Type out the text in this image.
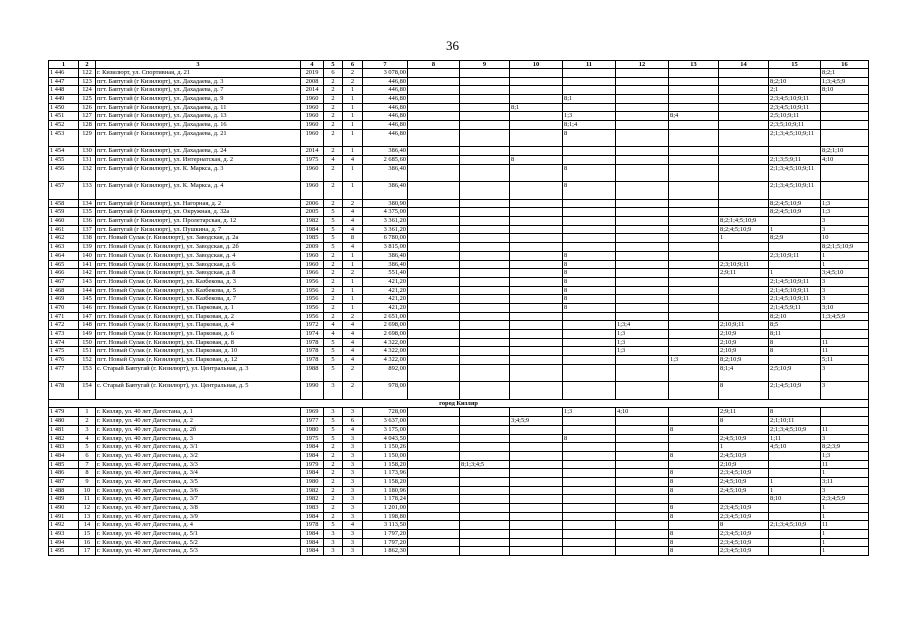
36
1	2	3	4	5	6	7	8	9	10	11	12	13	14	15	16
1 446	122	г. Кизилюрт, ул. Спортивная, д. 21	2019	6	2	3 078,00									8;2;1
1 447	123	пгт. Бавтугай (г Кизилюрт), ул. Дахадаева, д. 3	2008	2	2	446,80								8;2;10	1;3;4;5;9
1 448	124	пгт. Бавтугай (г Кизилюрт), ул. Дахадаева, д. 7	2014	2	1	446,80								2;1	8;10
1 449	125	пгт. Бавтугай (г Кизилюрт), ул. Дахадаева, д. 9	1960	2	1	446,80				8;1				2;3;4;5;10;9;11	
1 450	126	пгт. Бавтугай (г Кизилюрт), ул. Дахадаева, д. 11	1960	2	1	446,80			8;1					2;3;4;5;10;9;11	
1 451	127	пгт. Бавтугай (г Кизилюрт), ул. Дахадаева, д. 13	1960	2	1	446,80				1;3		8;4		2;5;10;9;11	
1 452	128	пгт. Бавтугай (г Кизилюрт), ул. Дахадаева, д. 16	1960	2	1	446,80				8;1;4				2;3;5;10;9;11	
1 453	129	пгт. Бавтугай (г Кизилюрт), ул. Дахадаева, д. 21	1960	2	1	446,80				8				2;1;3;4;5;10;9;11	
1 454	130	пгт. Бавтугай (г Кизилюрт), ул. Дахадаева, д. 24	2014	2	1	386,40									8;2;1;10
1 455	131	пгт. Бавтугай (г Кизилюрт), ул. Интернатская, д. 2	1975	4	4	2 685,60			8					2;1;3;5;9;11	4;10
1 456	132	пгт. Бавтугай (г Кизилюрт), ул. К. Маркса, д. 3	1960	2	1	386,40				8				2;1;3;4;5;10;9;11	
1 457	133	пгт. Бавтугай (г Кизилюрт), ул. К. Маркса, д. 4	1960	2	1	386,40				8				2;1;3;4;5;10;9;11	
1 458	134	пгт. Бавтугай (г Кизилюрт), ул. Нагорная, д. 2	2006	2	2	380,90								8;2;4;5;10;9	1;3
1 459	135	пгт. Бавтугай (г Кизилюрт), ул. Окружная, д. 32а	2005	5	4	4 375,00								8;2;4;5;10;9	1;3
1 460	136	пгт. Бавтугай (г Кизилюрт), ул. Пролетарская, д. 12	1982	5	4	3 361,20							8;2;1;4;5;10;9		3
1 461	137	пгт. Бавтугай (г Кизилюрт), ул. Пушкина, д. 7	1984	5	4	3 361,20							8;2;4;5;10;9	1	3
1 462	138	пгт. Новый Сулак (г. Кизилюрт), ул. Заводская, д. 2а	1985	5	8	6 780,00							1	8;2;9	10
1 463	139	пгт. Новый Сулак (г. Кизилюрт), ул. Заводская, д. 2б	2009	5	4	3 815,00									8;2;1;5;10;9
1 464	140	пгт. Новый Сулак (г. Кизилюрт), ул. Заводская, д. 4	1960	2	1	386,40				8				2;3;10;9;11	1
1 465	141	пгт. Новый Сулак (г. Кизилюрт), ул. Заводская, д. 6	1960	2	1	386,40				8			2;3;10;9;11		1
1 466	142	пгт. Новый Сулак (г. Кизилюрт), ул. Заводская, д. 8	1966	2	2	551,40				8			2;9;11	1	3;4;5;10
1 467	143	пгт. Новый Сулак (г. Кизилюрт), ул. Казбекова, д. 3	1956	2	1	421,20				8				2;1;4;5;10;9;11	3
1 468	144	пгт. Новый Сулак (г. Кизилюрт), ул. Казбекова, д. 5	1956	2	1	421,20				8				2;1;4;5;10;9;11	3
1 469	145	пгт. Новый Сулак (г. Кизилюрт), ул. Казбекова, д. 7	1956	2	1	421,20				8				2;1;4;5;10;9;11	3
1 470	146	пгт. Новый Сулак (г. Кизилюрт), ул. Парковая, д. 1	1956	2	1	421,20				8				2;1;4;5;9;11	3;10
1 471	147	пгт. Новый Сулак (г. Кизилюрт), ул. Парковая, д. 2	1956	2	2	2 651,00								8;2;10	1;3;4;5;9
1 472	148	пгт. Новый Сулак (г. Кизилюрт), ул. Парковая, д. 4	1972	4	4	2 698,00					1;3;4		2;10;9;11	8;5	
1 473	149	пгт. Новый Сулак (г. Кизилюрт), ул. Парковая, д. 6	1974	4	4	2 698,00					1;3		2;10;9	8;11	
1 474	150	пгт. Новый Сулак (г. Кизилюрт), ул. Парковая, д. 8	1978	5	4	4 322,00					1;3		2;10;9	8	11
1 475	151	пгт. Новый Сулак (г. Кизилюрт), ул. Парковая, д. 10	1978	5	4	4 322,00					1;3		2;10;9	8	11
1 476	152	пгт. Новый Сулак (г. Кизилюрт), ул. Парковая, д. 12	1978	5	4	4 322,00						1;3	8;2;10;9		5;11
1 477	153	с. Старый Бавтугай (г. Кизилюрт), ул. Центральная, д. 3	1988	5	2	892,00							8;1;4	2;5;10;9	3
1 478	154	с. Старый Бавтугай (г. Кизилюрт), ул. Центральная, д. 5	1990	3	2	978,00							8	2;1;4;5;10;9	3
город Кизляр															
1 479	1	г. Кизляр, ул. 40 лет Дагестана, д. 1	1969	3	3	728,00				1;3	4;10		2;9;11	8	
1 480	2	г. Кизляр, ул. 40 лет Дагестана, д. 2	1977	5	6	3 637,00			3;4;5;9				8	2;1;10;11	
1 481	3	г. Кизляр, ул. 40 лет Дагестана, д. 2б	1980	5	4	3 175,00						8		2;1;3;4;5;10;9	11
1 482	4	г. Кизляр, ул. 40 лет Дагестана, д. 3	1975	5	3	4 043,50				8			2;4;5;10;9	1;11	3
1 483	5	г. Кизляр, ул. 40 лет Дагестана, д. 3/1	1984	2	3	1 150,26							1	4;5;10	8;2;3;9
1 484	6	г. Кизляр, ул. 40 лет Дагестана, д. 3/2	1984	2	3	1 150,00						8	2;4;5;10;9		1;3
1 485	7	г. Кизляр, ул. 40 лет Дагестана, д. 3/3	1979	2	3	1 158,20		8;1;3;4;5					2;10;9		11
1 486	8	г. Кизляр, ул. 40 лет Дагестана, д. 3/4	1984	2	3	1 173,96						8	2;3;4;5;10;9		1
1 487	9	г. Кизляр, ул. 40 лет Дагестана, д. 3/5	1980	2	3	1 158,20						8	2;4;5;10;9	1	3;11
1 488	10	г. Кизляр, ул. 40 лет Дагестана, д. 3/6	1982	2	3	1 180,96						8	2;4;5;10;9	1	3
1 489	11	г. Кизляр, ул. 40 лет Дагестана, д. 3/7	1982	2	3	1 178,24								8;10	2;3;4;5;9
1 490	12	г. Кизляр, ул. 40 лет Дагестана, д. 3/8	1983	2	3	1 201,00						8	2;3;4;5;10;9		1
1 491	13	г. Кизляр, ул. 40 лет Дагестана, д. 3/9	1984	2	3	1 198,80						8	2;3;4;5;10;9		1
1 492	14	г. Кизляр, ул. 40 лет Дагестана, д. 4	1978	5	4	3 113,50							8	2;1;3;4;5;10;9	11
1 493	15	г. Кизляр, ул. 40 лет Дагестана, д. 5/1	1984	3	3	1 797,20						8	2;3;4;5;10;9		1
1 494	16	г. Кизляр, ул. 40 лет Дагестана, д. 5/2	1984	3	3	1 797,20						8	2;3;4;5;10;9		1
1 495	17	г. Кизляр, ул. 40 лет Дагестана, д. 5/3	1984	3	3	1 862,30						8	2;3;4;5;10;9		1
